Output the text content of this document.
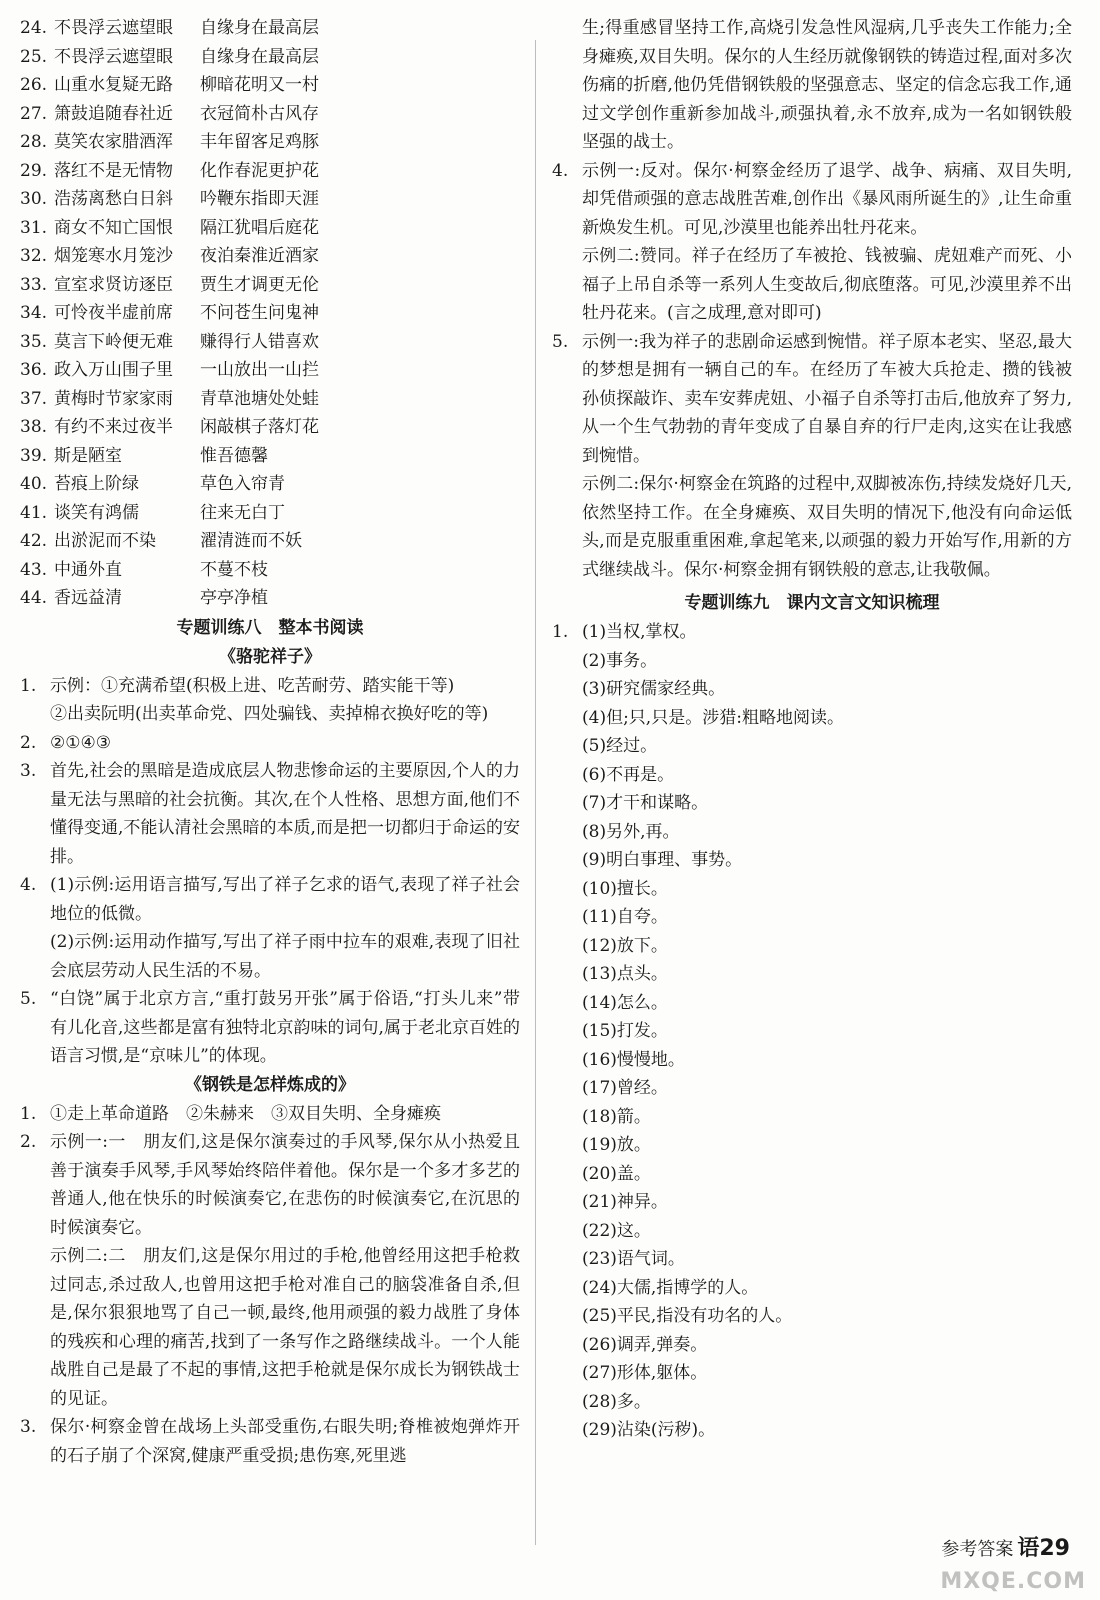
24. 不畏浮云遮望眼 自缘身在最高层
25. 不畏浮云遮望眼 自缘身在最高层
26. 山重水复疑无路 柳暗花明又一村
27. 箫鼓追随春社近 衣冠简朴古风存
28. 莫笑农家腊酒浑 丰年留客足鸡豚
29. 落红不是无情物 化作春泥更护花
30. 浩荡离愁白日斜 吟鞭东指即天涯
31. 商女不知亡国恨 隔江犹唱后庭花
32. 烟笼寒水月笼沙 夜泊秦淮近酒家
33. 宣室求贤访逐臣 贾生才调更无伦
34. 可怜夜半虚前席 不问苍生问鬼神
35. 莫言下岭便无难 赚得行人错喜欢
36. 政入万山围子里 一山放出一山拦
37. 黄梅时节家家雨 青草池塘处处蛙
38. 有约不来过夜半 闲敲棋子落灯花
39. 斯是陋室	惟吾德馨
40. 苔痕上阶绿	草色入帘青
41. 谈笑有鸿儒	往来无白丁
42. 出淤泥而不染	濯清涟而不妖
43. 中通外直	不蔓不枝
44. 香远益清	亭亭净植
专题训练八　整本书阅读
《骆驼祥子》
1. 示例：①充满希望(积极上进、吃苦耐劳、踏实能干等)
②出卖阮明(出卖革命党、四处骗钱、卖掉棉衣换好吃的等)
2. ②①④③
3. 首先,社会的黑暗是造成底层人物悲惨命运的主要原因,个人的力量无法与黑暗的社会抗衡。其次,在个人性格、思想方面,他们不懂得变通,不能认清社会黑暗的本质,而是把一切都归于命运的安排。
4. (1)示例:运用语言描写,写出了祥子乞求的语气,表现了祥子社会地位的低微。
(2)示例:运用动作描写,写出了祥子雨中拉车的艰难,表现了旧社会底层劳动人民生活的不易。
5. “白饶”属于北京方言,“重打鼓另开张”属于俗语,“打头儿来”带有儿化音,这些都是富有独特北京韵味的词句,属于老北京百姓的语言习惯,是“京味儿”的体现。
《钢铁是怎样炼成的》
1. ①走上革命道路　②朱赫来　③双目失明、全身瘫痪
2. 示例一:一　朋友们,这是保尔演奏过的手风琴,保尔从小热爱且善于演奏手风琴,手风琴始终陪伴着他。保尔是一个多才多艺的普通人,他在快乐的时候演奏它,在悲伤的时候演奏它,在沉思的时候演奏它。
示例二:二　朋友们,这是保尔用过的手枪,他曾经用这把手枪救过同志,杀过敌人,也曾用这把手枪对准自己的脑袋准备自杀,但是,保尔狠狠地骂了自己一顿,最终,他用顽强的毅力战胜了身体的残疾和心理的痛苦,找到了一条写作之路继续战斗。一个人能战胜自己是最了不起的事情,这把手枪就是保尔成长为钢铁战士的见证。
3. 保尔·柯察金曾在战场上头部受重伤,右眼失明;脊椎被炮弹炸开的石子崩了个深窝,健康严重受损;患伤寒,死里逃
生;得重感冒坚持工作,高烧引发急性风湿病,几乎丧失工作能力;全身瘫痪,双目失明。保尔的人生经历就像钢铁的铸造过程,面对多次伤痛的折磨,他仍凭借钢铁般的坚强意志、坚定的信念忘我工作,通过文学创作重新参加战斗,顽强执着,永不放弃,成为一名如钢铁般坚强的战士。
4. 示例一:反对。保尔·柯察金经历了退学、战争、病痛、双目失明,却凭借顽强的意志战胜苦难,创作出《暴风雨所诞生的》,让生命重新焕发生机。可见,沙漠里也能养出牡丹花来。
示例二:赞同。祥子在经历了车被抢、钱被骗、虎妞难产而死、小福子上吊自杀等一系列人生变故后,彻底堕落。可见,沙漠里养不出牡丹花来。(言之成理,意对即可)
5. 示例一:我为祥子的悲剧命运感到惋惜。祥子原本老实、坚忍,最大的梦想是拥有一辆自己的车。在经历了车被大兵抢走、攒的钱被孙侦探敲诈、卖车安葬虎妞、小福子自杀等打击后,他放弃了努力,从一个生气勃勃的青年变成了自暴自弃的行尸走肉,这实在让我感到惋惜。
示例二:保尔·柯察金在筑路的过程中,双脚被冻伤,持续发烧好几天,依然坚持工作。在全身瘫痪、双目失明的情况下,他没有向命运低头,而是克服重重困难,拿起笔来,以顽强的毅力开始写作,用新的方式继续战斗。保尔·柯察金拥有钢铁般的意志,让我敬佩。
专题训练九　课内文言文知识梳理
1. (1)当权,掌权。
(2)事务。
(3)研究儒家经典。
(4)但;只,只是。涉猎:粗略地阅读。
(5)经过。
(6)不再是。
(7)才干和谋略。
(8)另外,再。
(9)明白事理、事势。
(10)擅长。
(11)自夸。
(12)放下。
(13)点头。
(14)怎么。
(15)打发。
(16)慢慢地。
(17)曾经。
(18)箭。
(19)放。
(20)盖。
(21)神异。
(22)这。
(23)语气词。
(24)大儒,指博学的人。
(25)平民,指没有功名的人。
(26)调弄,弹奏。
(27)形体,躯体。
(28)多。
(29)沾染(污秽)。
参考答案 语29
MXQE.COM
